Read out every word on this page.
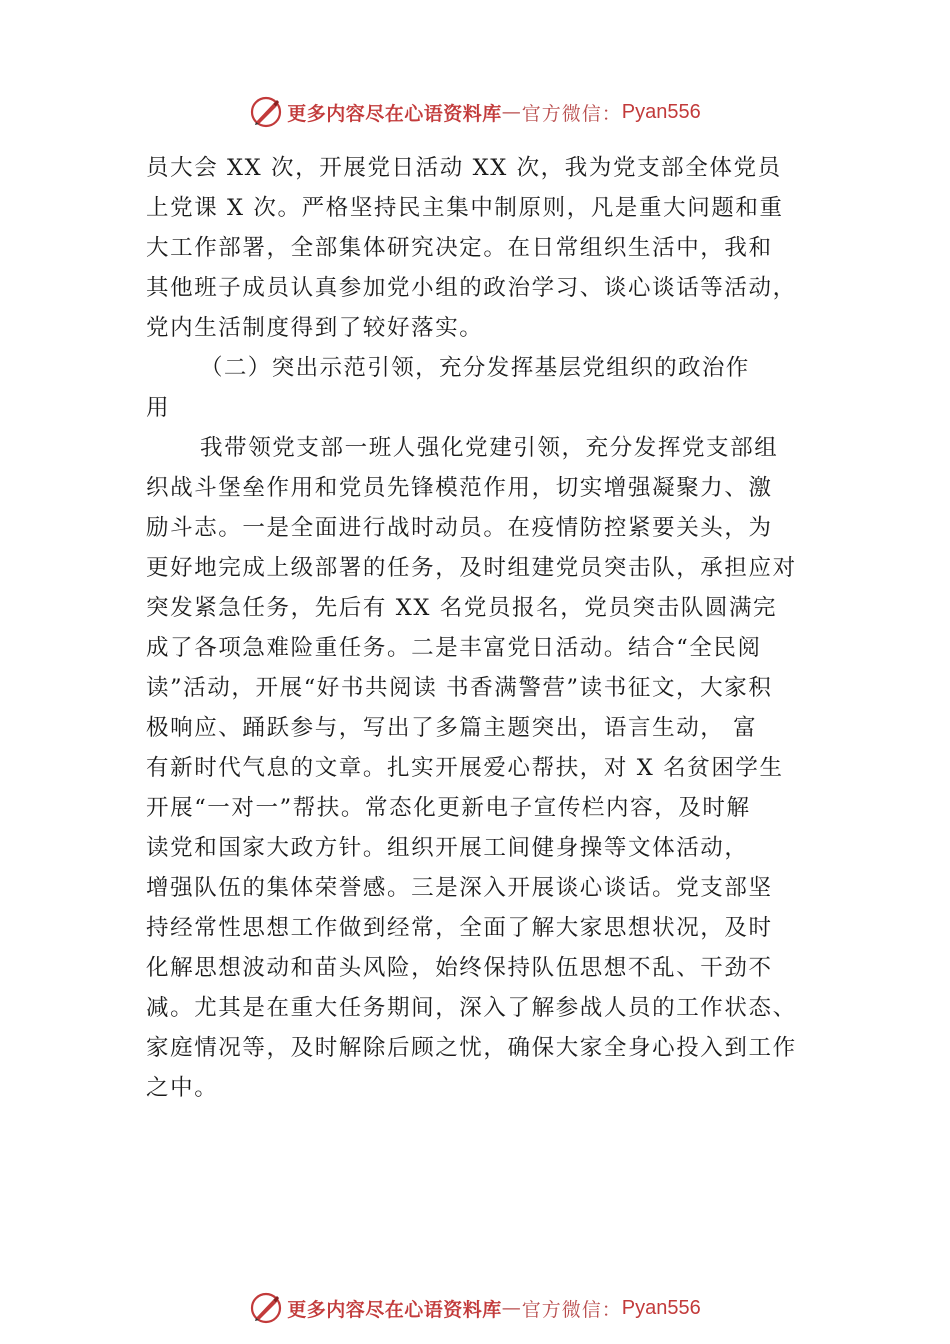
更多内容尽在心语资料库 — 官方微信： Pyan556
员大会 XX 次，开展党日活动 XX 次，我为党支部全体党员
上党课 X 次。严格坚持民主集中制原则，凡是重大问题和重
大工作部署，全部集体研究决定。在日常组织生活中，我和
其他班子成员认真参加党小组的政治学习、谈心谈话等活动，
党内生活制度得到了较好落实。
（二）突出示范引领，充分发挥基层党组织的政治作
用
我带领党支部一班人强化党建引领，充分发挥党支部组
织战斗堡垒作用和党员先锋模范作用，切实增强凝聚力、激
励斗志。一是全面进行战时动员。在疫情防控紧要关头，为
更好地完成上级部署的任务，及时组建党员突击队，承担应对
突发紧急任务，先后有 XX 名党员报名，党员突击队圆满完
成了各项急难险重任务。二是丰富党日活动。结合“全民阅
读”活动，开展“好书共阅读 书香满警营”读书征文，大家积
极响应、踊跃参与，写出了多篇主题突出，语言生动， 富
有新时代气息的文章。扎实开展爱心帮扶，对 X 名贫困学生
开展“一对一”帮扶。常态化更新电子宣传栏内容，及时解
读党和国家大政方针。组织开展工间健身操等文体活动，
增强队伍的集体荣誉感。三是深入开展谈心谈话。党支部坚
持经常性思想工作做到经常，全面了解大家思想状况，及时
化解思想波动和苗头风险，始终保持队伍思想不乱、干劲不
减。尤其是在重大任务期间，深入了解参战人员的工作状态、
家庭情况等，及时解除后顾之忧，确保大家全身心投入到工作
之中。
更多内容尽在心语资料库 — 官方微信： Pyan556
